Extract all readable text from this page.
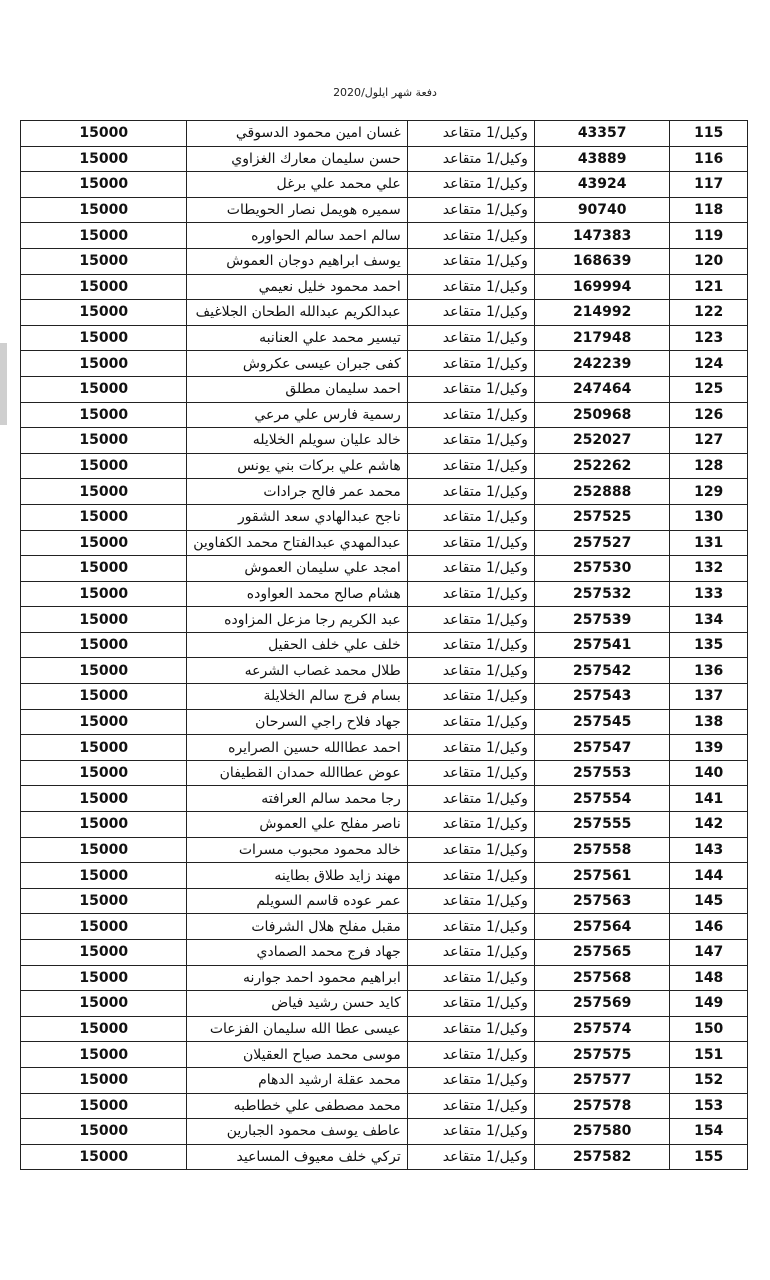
دفعة شهر ايلول/2020
15000	غسان امين محمود الدسوقي	وكيل/1 متقاعد	43357	115
15000	حسن سليمان معارك الغزاوي	وكيل/1 متقاعد	43889	116
15000	علي محمد علي برغل	وكيل/1 متقاعد	43924	117
15000	سميره هويمل نصار الحويطات	وكيل/1 متقاعد	90740	118
15000	سالم احمد سالم الحواوره	وكيل/1 متقاعد	147383	119
15000	يوسف ابراهيم دوجان العموش	وكيل/1 متقاعد	168639	120
15000	احمد محمود خليل نعيمي	وكيل/1 متقاعد	169994	121
15000	عبدالكريم عبدالله الطحان الجلاغيف	وكيل/1 متقاعد	214992	122
15000	تيسير محمد علي العنانبه	وكيل/1 متقاعد	217948	123
15000	كفى جبران عيسى عكروش	وكيل/1 متقاعد	242239	124
15000	احمد سليمان مطلق	وكيل/1 متقاعد	247464	125
15000	رسمية فارس علي مرعي	وكيل/1 متقاعد	250968	126
15000	خالد عليان سويلم الخلايله	وكيل/1 متقاعد	252027	127
15000	هاشم علي بركات بني يونس	وكيل/1 متقاعد	252262	128
15000	محمد عمر فالح جرادات	وكيل/1 متقاعد	252888	129
15000	ناجح عبدالهادي سعد الشقور	وكيل/1 متقاعد	257525	130
15000	عبدالمهدي عبدالفتاح محمد الكفاوين	وكيل/1 متقاعد	257527	131
15000	امجد علي سليمان العموش	وكيل/1 متقاعد	257530	132
15000	هشام صالح محمد العواوده	وكيل/1 متقاعد	257532	133
15000	عبد الكريم رجا مزعل المزاوده	وكيل/1 متقاعد	257539	134
15000	خلف علي خلف الحقيل	وكيل/1 متقاعد	257541	135
15000	طلال محمد غصاب الشرعه	وكيل/1 متقاعد	257542	136
15000	بسام فرج سالم الخلايلة	وكيل/1 متقاعد	257543	137
15000	جهاد فلاح راجي السرحان	وكيل/1 متقاعد	257545	138
15000	احمد عطاالله حسين الصرايره	وكيل/1 متقاعد	257547	139
15000	عوض عطاالله حمدان القطيفان	وكيل/1 متقاعد	257553	140
15000	رجا محمد سالم العرافته	وكيل/1 متقاعد	257554	141
15000	ناصر مفلح علي العموش	وكيل/1 متقاعد	257555	142
15000	خالد محمود محبوب مسرات	وكيل/1 متقاعد	257558	143
15000	مهند زايد طلاق بطاينه	وكيل/1 متقاعد	257561	144
15000	عمر عوده قاسم السويلم	وكيل/1 متقاعد	257563	145
15000	مقبل مفلح هلال الشرفات	وكيل/1 متقاعد	257564	146
15000	جهاد فرج محمد الصمادي	وكيل/1 متقاعد	257565	147
15000	ابراهيم محمود احمد جوارنه	وكيل/1 متقاعد	257568	148
15000	كايد حسن رشيد فياض	وكيل/1 متقاعد	257569	149
15000	عيسى عطا الله سليمان الفزعات	وكيل/1 متقاعد	257574	150
15000	موسى محمد صياح العقيلان	وكيل/1 متقاعد	257575	151
15000	محمد عقلة ارشيد الدهام	وكيل/1 متقاعد	257577	152
15000	محمد مصطفى علي خطاطبه	وكيل/1 متقاعد	257578	153
15000	عاطف يوسف محمود الجبارين	وكيل/1 متقاعد	257580	154
15000	تركي خلف معيوف المساعيد	وكيل/1 متقاعد	257582	155
